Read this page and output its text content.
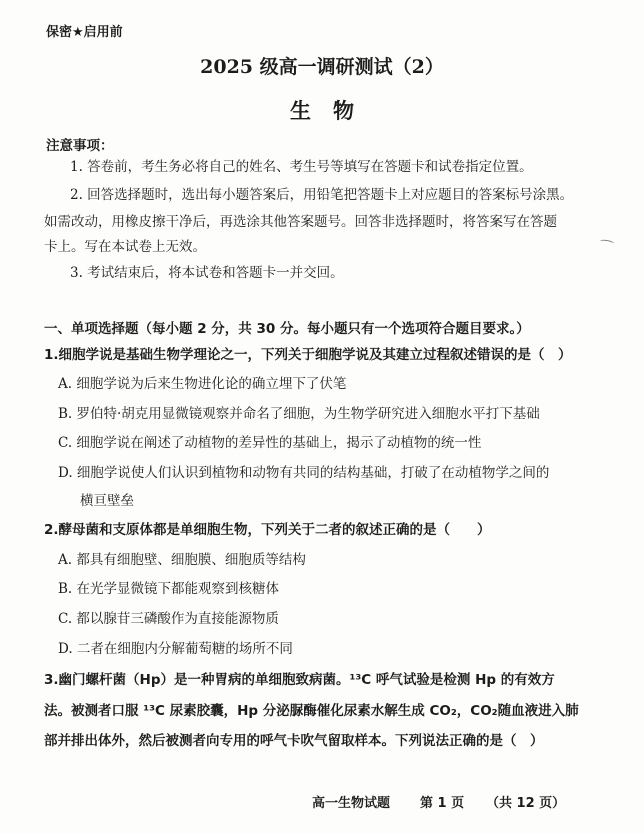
保密★启用前
2025 级高一调研测试（2）
生物
注意事项：
1. 答卷前，考生务必将自己的姓名、考生号等填写在答题卡和试卷指定位置。
2. 回答选择题时，选出每小题答案后，用铅笔把答题卡上对应题目的答案标号涂黑。
如需改动，用橡皮擦干净后，再选涂其他答案题号。回答非选择题时，将答案写在答题
卡上。写在本试卷上无效。
3. 考试结束后，将本试卷和答题卡一并交回。
一、单项选择题（每小题 2 分，共 30 分。每小题只有一个选项符合题目要求。）
1.细胞学说是基础生物学理论之一，下列关于细胞学说及其建立过程叙述错误的是（　）
A. 细胞学说为后来生物进化论的确立埋下了伏笔
B. 罗伯特·胡克用显微镜观察并命名了细胞，为生物学研究进入细胞水平打下基础
C. 细胞学说在阐述了动植物的差异性的基础上，揭示了动植物的统一性
D. 细胞学说使人们认识到植物和动物有共同的结构基础，打破了在动植物学之间的
横亘壁垒
2.酵母菌和支原体都是单细胞生物，下列关于二者的叙述正确的是（　　）
A. 都具有细胞壁、细胞膜、细胞质等结构
B. 在光学显微镜下都能观察到核糖体
C. 都以腺苷三磷酸作为直接能源物质
D. 二者在细胞内分解葡萄糖的场所不同
3.幽门螺杆菌（Hp）是一种胃病的单细胞致病菌。¹³C 呼气试验是检测 Hp 的有效方
法。被测者口服 ¹³C 尿素胶囊，Hp 分泌脲酶催化尿素水解生成 CO₂，CO₂随血液进入肺
部并排出体外，然后被测者向专用的呼气卡吹气留取样本。下列说法正确的是（　）
高一生物试题 第 1 页 （共 12 页）
